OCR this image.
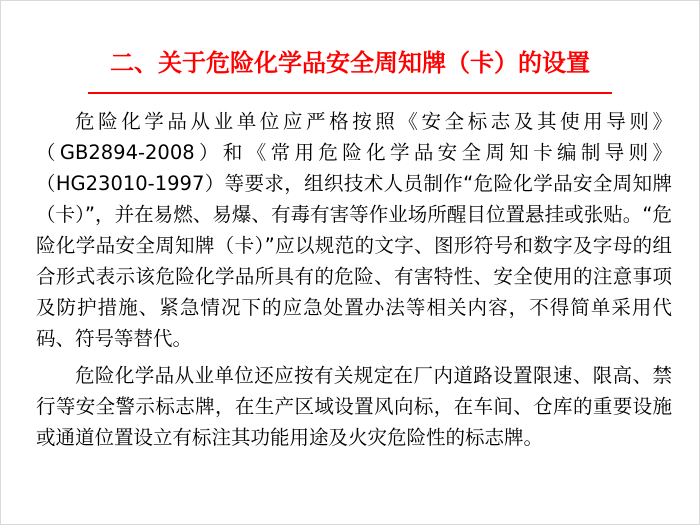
二、关于危险化学品安全周知牌（卡）的设置

危险化学品从业单位应严格按照《安全标志及其使用导则》（GB2894-2008）和《常用危险化学品安全周知卡编制导则》（HG23010-1997）等要求，组织技术人员制作“危险化学品安全周知牌（卡）”，并在易燃、易爆、有毒有害等作业场所醒目位置悬挂或张贴。“危险化学品安全周知牌（卡）”应以规范的文字、图形符号和数字及字母的组合形式表示该危险化学品所具有的危险、有害特性、安全使用的注意事项及防护措施、紧急情况下的应急处置办法等相关内容，不得简单采用代码、符号等替代。

危险化学品从业单位还应按有关规定在厂内道路设置限速、限高、禁行等安全警示标志牌，在生产区域设置风向标，在车间、仓库的重要设施或通道位置设立有标注其功能用途及火灾危险性的标志牌。
